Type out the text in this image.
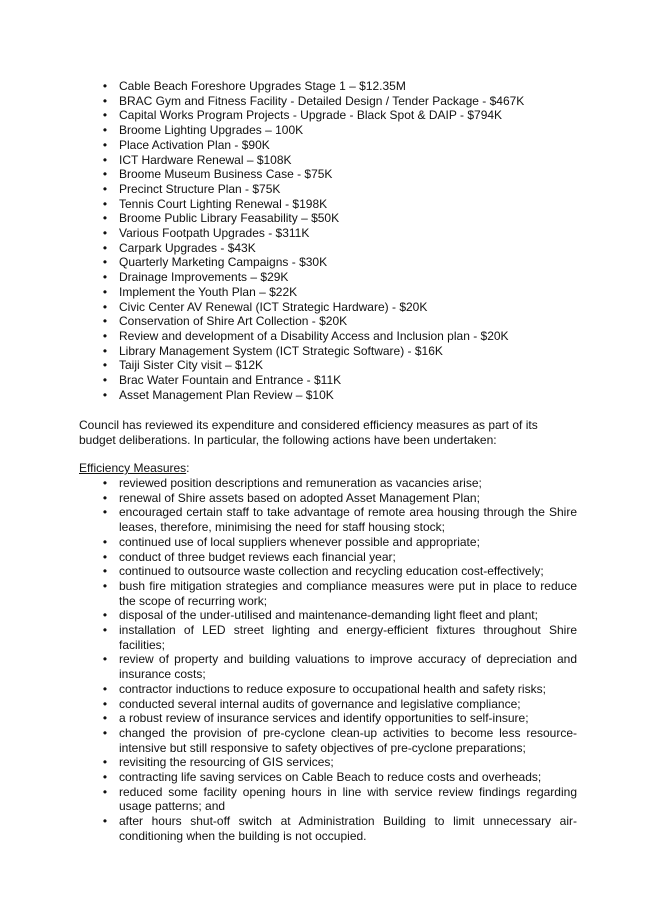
• Cable Beach Foreshore Upgrades Stage 1 – $12.35M
• BRAC Gym and Fitness Facility - Detailed Design / Tender Package - $467K
• Capital Works Program Projects - Upgrade - Black Spot & DAIP - $794K
• Broome Lighting Upgrades – 100K
• Place Activation Plan - $90K
• ICT Hardware Renewal – $108K
• Broome Museum Business Case - $75K
• Precinct Structure Plan - $75K
• Tennis Court Lighting Renewal - $198K
• Broome Public Library Feasability – $50K
• Various Footpath Upgrades - $311K
• Carpark Upgrades - $43K
• Quarterly Marketing Campaigns - $30K
• Drainage Improvements – $29K
• Implement the Youth Plan – $22K
• Civic Center AV Renewal (ICT Strategic Hardware) - $20K
• Conservation of Shire Art Collection - $20K
• Review and development of a Disability Access and Inclusion plan - $20K
• Library Management System (ICT Strategic Software) - $16K
• Taiji Sister City visit – $12K
• Brac Water Fountain and Entrance - $11K
• Asset Management Plan Review – $10K

Council has reviewed its expenditure and considered efficiency measures as part of its budget deliberations. In particular, the following actions have been undertaken:

Efficiency Measures:

• reviewed position descriptions and remuneration as vacancies arise;
• renewal of Shire assets based on adopted Asset Management Plan;
• encouraged certain staff to take advantage of remote area housing through the Shire leases, therefore, minimising the need for staff housing stock;
• continued use of local suppliers whenever possible and appropriate;
• conduct of three budget reviews each financial year;
• continued to outsource waste collection and recycling education cost-effectively;
• bush fire mitigation strategies and compliance measures were put in place to reduce the scope of recurring work;
• disposal of the under-utilised and maintenance-demanding light fleet and plant;
• installation of LED street lighting and energy-efficient fixtures throughout Shire facilities;
• review of property and building valuations to improve accuracy of depreciation and insurance costs;
• contractor inductions to reduce exposure to occupational health and safety risks;
• conducted several internal audits of governance and legislative compliance;
• a robust review of insurance services and identify opportunities to self-insure;
• changed the provision of pre-cyclone clean-up activities to become less resource-intensive but still responsive to safety objectives of pre-cyclone preparations;
• revisiting the resourcing of GIS services;
• contracting life saving services on Cable Beach to reduce costs and overheads;
• reduced some facility opening hours in line with service review findings regarding usage patterns; and
• after hours shut-off switch at Administration Building to limit unnecessary air-conditioning when the building is not occupied.
